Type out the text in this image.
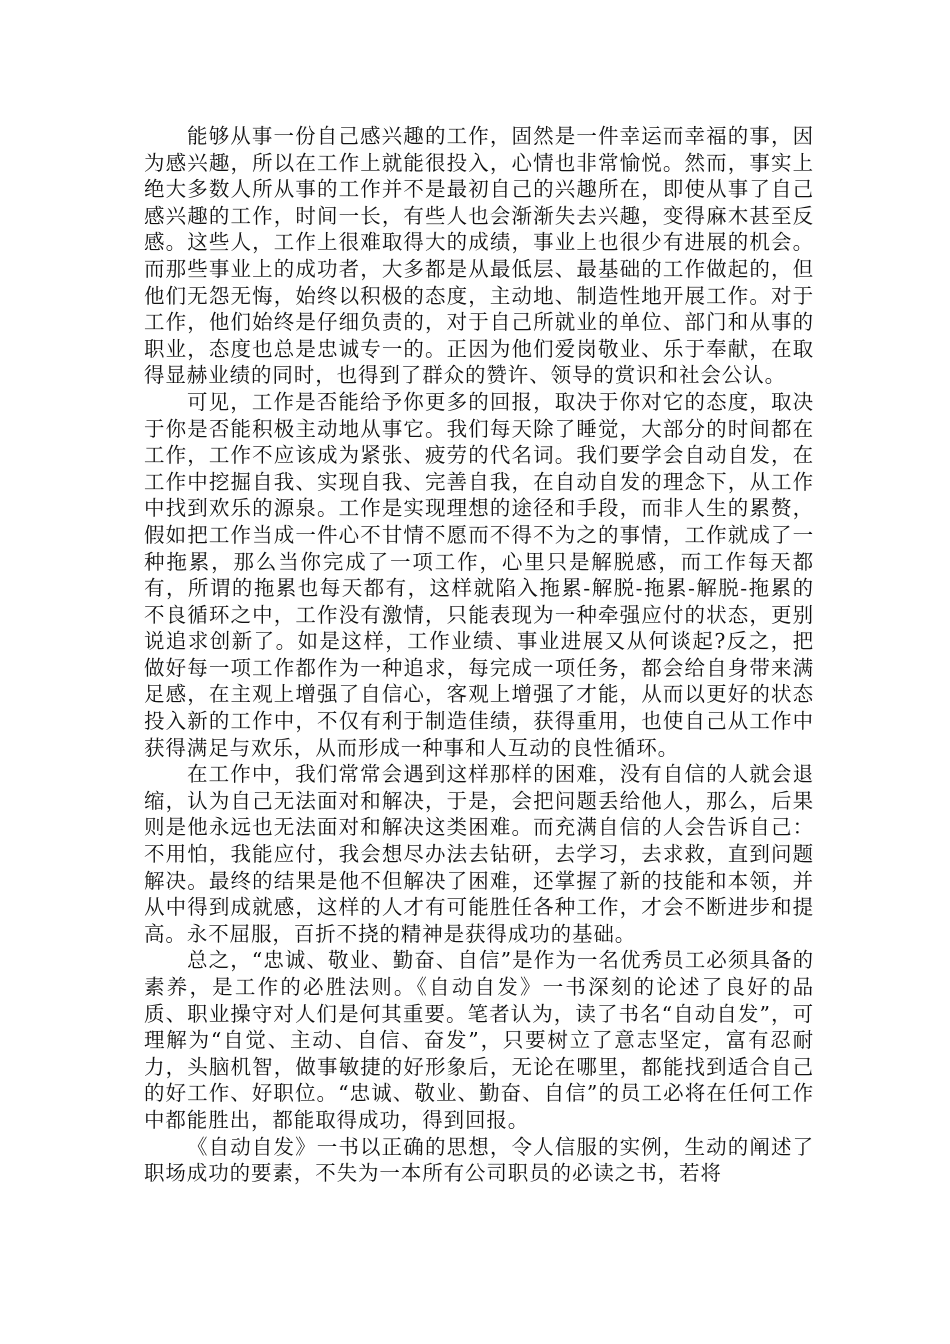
能够从事一份自己感兴趣的工作，固然是一件幸运而幸福的事，因为感兴趣，所以在工作上就能很投入，心情也非常愉悦。然而，事实上绝大多数人所从事的工作并不是最初自己的兴趣所在，即使从事了自己感兴趣的工作，时间一长，有些人也会渐渐失去兴趣，变得麻木甚至反感。这些人，工作上很难取得大的成绩，事业上也很少有进展的机会。而那些事业上的成功者，大多都是从最低层、最基础的工作做起的，但他们无怨无悔，始终以积极的态度，主动地、制造性地开展工作。对于工作，他们始终是仔细负责的，对于自己所就业的单位、部门和从事的职业，态度也总是忠诚专一的。正因为他们爱岗敬业、乐于奉献，在取得显赫业绩的同时，也得到了群众的赞许、领导的赏识和社会公认。

可见，工作是否能给予你更多的回报，取决于你对它的态度，取决于你是否能积极主动地从事它。我们每天除了睡觉，大部分的时间都在工作，工作不应该成为紧张、疲劳的代名词。我们要学会自动自发，在工作中挖掘自我、实现自我、完善自我，在自动自发的理念下，从工作中找到欢乐的源泉。工作是实现理想的途径和手段，而非人生的累赘，假如把工作当成一件心不甘情不愿而不得不为之的事情，工作就成了一种拖累，那么当你完成了一项工作，心里只是解脱感，而工作每天都有，所谓的拖累也每天都有，这样就陷入拖累-解脱-拖累-解脱-拖累的不良循环之中，工作没有激情，只能表现为一种牵强应付的状态，更别说追求创新了。如是这样，工作业绩、事业进展又从何谈起?反之，把做好每一项工作都作为一种追求，每完成一项任务，都会给自身带来满足感，在主观上增强了自信心，客观上增强了才能，从而以更好的状态投入新的工作中，不仅有利于制造佳绩，获得重用，也使自己从工作中获得满足与欢乐，从而形成一种事和人互动的良性循环。

在工作中，我们常常会遇到这样那样的困难，没有自信的人就会退缩，认为自己无法面对和解决，于是，会把问题丢给他人，那么，后果则是他永远也无法面对和解决这类困难。而充满自信的人会告诉自己：不用怕，我能应付，我会想尽办法去钻研，去学习，去求救，直到问题解决。最终的结果是他不但解决了困难，还掌握了新的技能和本领，并从中得到成就感，这样的人才有可能胜任各种工作，才会不断进步和提高。永不屈服，百折不挠的精神是获得成功的基础。

总之，“忠诚、敬业、勤奋、自信”是作为一名优秀员工必须具备的素养，是工作的必胜法则。《自动自发》一书深刻的论述了良好的品质、职业操守对人们是何其重要。笔者认为，读了书名“自动自发”，可理解为“自觉、主动、自信、奋发”，只要树立了意志坚定，富有忍耐力，头脑机智，做事敏捷的好形象后，无论在哪里，都能找到适合自己的好工作、好职位。“忠诚、敬业、勤奋、自信”的员工必将在任何工作中都能胜出，都能取得成功，得到回报。

《自动自发》一书以正确的思想，令人信服的实例，生动的阐述了职场成功的要素，不失为一本所有公司职员的必读之书，若将
